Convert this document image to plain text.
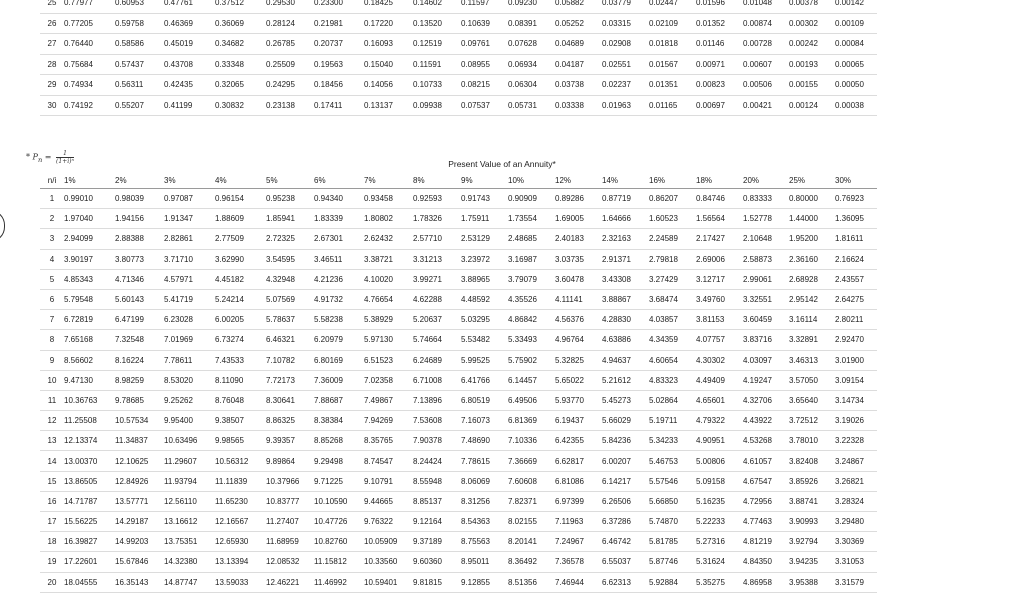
25	0.77977	0.60953	0.47761	0.37512	0.29530	0.23300	0.18425	0.14602	0.11597	0.09230	0.05882	0.03779	0.02447	0.01596	0.01048	0.00378	0.00142
26	0.77205	0.59758	0.46369	0.36069	0.28124	0.21981	0.17220	0.13520	0.10639	0.08391	0.05252	0.03315	0.02109	0.01352	0.00874	0.00302	0.00109
27	0.76440	0.58586	0.45019	0.34682	0.26785	0.20737	0.16093	0.12519	0.09761	0.07628	0.04689	0.02908	0.01818	0.01146	0.00728	0.00242	0.00084
28	0.75684	0.57437	0.43708	0.33348	0.25509	0.19563	0.15040	0.11591	0.08955	0.06934	0.04187	0.02551	0.01567	0.00971	0.00607	0.00193	0.00065
29	0.74934	0.56311	0.42435	0.32065	0.24295	0.18456	0.14056	0.10733	0.08215	0.06304	0.03738	0.02237	0.01351	0.00823	0.00506	0.00155	0.00050
30	0.74192	0.55207	0.41199	0.30832	0.23138	0.17411	0.13137	0.09938	0.07537	0.05731	0.03338	0.01963	0.01165	0.00697	0.00421	0.00124	0.00038
* $P_n = \frac{1}{\text{(1+i)ⁿ}}$	Present Value of an Annuity*
n/i	1%	2%	3%	4%	5%	6%	7%	8%	9%	10%	12%	14%	16%	18%	20%	25%	30%
1	0.99010	0.98039	0.97087	0.96154	0.95238	0.94340	0.93458	0.92593	0.91743	0.90909	0.89286	0.87719	0.86207	0.84746	0.83333	0.80000	0.76923
2	1.97040	1.94156	1.91347	1.88609	1.85941	1.83339	1.80802	1.78326	1.75911	1.73554	1.69005	1.64666	1.60523	1.56564	1.52778	1.44000	1.36095
3	2.94099	2.88388	2.82861	2.77509	2.72325	2.67301	2.62432	2.57710	2.53129	2.48685	2.40183	2.32163	2.24589	2.17427	2.10648	1.95200	1.81611
4	3.90197	3.80773	3.71710	3.62990	3.54595	3.46511	3.38721	3.31213	3.23972	3.16987	3.03735	2.91371	2.79818	2.69006	2.58873	2.36160	2.16624
5	4.85343	4.71346	4.57971	4.45182	4.32948	4.21236	4.10020	3.99271	3.88965	3.79079	3.60478	3.43308	3.27429	3.12717	2.99061	2.68928	2.43557
6	5.79548	5.60143	5.41719	5.24214	5.07569	4.91732	4.76654	4.62288	4.48592	4.35526	4.11141	3.88867	3.68474	3.49760	3.32551	2.95142	2.64275
7	6.72819	6.47199	6.23028	6.00205	5.78637	5.58238	5.38929	5.20637	5.03295	4.86842	4.56376	4.28830	4.03857	3.81153	3.60459	3.16114	2.80211
8	7.65168	7.32548	7.01969	6.73274	6.46321	6.20979	5.97130	5.74664	5.53482	5.33493	4.96764	4.63886	4.34359	4.07757	3.83716	3.32891	2.92470
9	8.56602	8.16224	7.78611	7.43533	7.10782	6.80169	6.51523	6.24689	5.99525	5.75902	5.32825	4.94637	4.60654	4.30302	4.03097	3.46313	3.01900
10	9.47130	8.98259	8.53020	8.11090	7.72173	7.36009	7.02358	6.71008	6.41766	6.14457	5.65022	5.21612	4.83323	4.49409	4.19247	3.57050	3.09154
11	10.36763	9.78685	9.25262	8.76048	8.30641	7.88687	7.49867	7.13896	6.80519	6.49506	5.93770	5.45273	5.02864	4.65601	4.32706	3.65640	3.14734
12	11.25508	10.57534	9.95400	9.38507	8.86325	8.38384	7.94269	7.53608	7.16073	6.81369	6.19437	5.66029	5.19711	4.79322	4.43922	3.72512	3.19026
13	12.13374	11.34837	10.63496	9.98565	9.39357	8.85268	8.35765	7.90378	7.48690	7.10336	6.42355	5.84236	5.34233	4.90951	4.53268	3.78010	3.22328
14	13.00370	12.10625	11.29607	10.56312	9.89864	9.29498	8.74547	8.24424	7.78615	7.36669	6.62817	6.00207	5.46753	5.00806	4.61057	3.82408	3.24867
15	13.86505	12.84926	11.93794	11.11839	10.37966	9.71225	9.10791	8.55948	8.06069	7.60608	6.81086	6.14217	5.57546	5.09158	4.67547	3.85926	3.26821
16	14.71787	13.57771	12.56110	11.65230	10.83777	10.10590	9.44665	8.85137	8.31256	7.82371	6.97399	6.26506	5.66850	5.16235	4.72956	3.88741	3.28324
17	15.56225	14.29187	13.16612	12.16567	11.27407	10.47726	9.76322	9.12164	8.54363	8.02155	7.11963	6.37286	5.74870	5.22233	4.77463	3.90993	3.29480
18	16.39827	14.99203	13.75351	12.65930	11.68959	10.82760	10.05909	9.37189	8.75563	8.20141	7.24967	6.46742	5.81785	5.27316	4.81219	3.92794	3.30369
19	17.22601	15.67846	14.32380	13.13394	12.08532	11.15812	10.33560	9.60360	8.95011	8.36492	7.36578	6.55037	5.87746	5.31624	4.84350	3.94235	3.31053
20	18.04555	16.35143	14.87747	13.59033	12.46221	11.46992	10.59401	9.81815	9.12855	8.51356	7.46944	6.62313	5.92884	5.35275	4.86958	3.95388	3.31579
